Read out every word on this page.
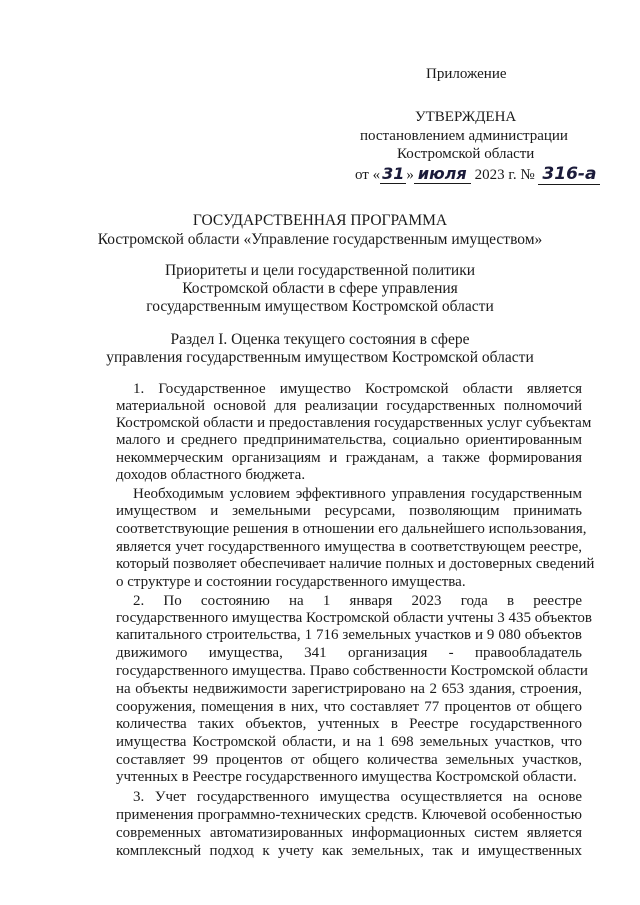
Приложение
УТВЕРЖДЕНА
постановлением администрации
Костромской области
от « 31 » июля 2023 г. № 316-а
ГОСУДАРСТВЕННАЯ ПРОГРАММА
Костромской области «Управление государственным имуществом»
Приоритеты и цели государственной политики
Костромской области в сфере управления
государственным имуществом Костромской области
Раздел I. Оценка текущего состояния в сфере
управления государственным имуществом Костромской области
1. Государственное имущество Костромской области является
материальной основой для реализации государственных полномочий
Костромской области и предоставления государственных услуг субъектам
малого и среднего предпринимательства, социально ориентированным
некоммерческим организациям и гражданам, а также формирования
доходов областного бюджета.
Необходимым условием эффективного управления государственным
имуществом и земельными ресурсами, позволяющим принимать
соответствующие решения в отношении его дальнейшего использования,
является учет государственного имущества в соответствующем реестре,
который позволяет обеспечивает наличие полных и достоверных сведений
о структуре и состоянии государственного имущества.
2. По состоянию на 1 января 2023 года в реестре
государственного имущества Костромской области учтены 3 435 объектов
капитального строительства, 1 716 земельных участков и 9 080 объектов
движимого имущества, 341 организация - правообладатель
государственного имущества. Право собственности Костромской области
на объекты недвижимости зарегистрировано на 2 653 здания, строения,
сооружения, помещения в них, что составляет 77 процентов от общего
количества таких объектов, учтенных в Реестре государственного
имущества Костромской области, и на 1 698 земельных участков, что
составляет 99 процентов от общего количества земельных участков,
учтенных в Реестре государственного имущества Костромской области.
3. Учет государственного имущества осуществляется на основе
применения программно-технических средств. Ключевой особенностью
современных автоматизированных информационных систем является
комплексный подход к учету как земельных, так и имущественных
